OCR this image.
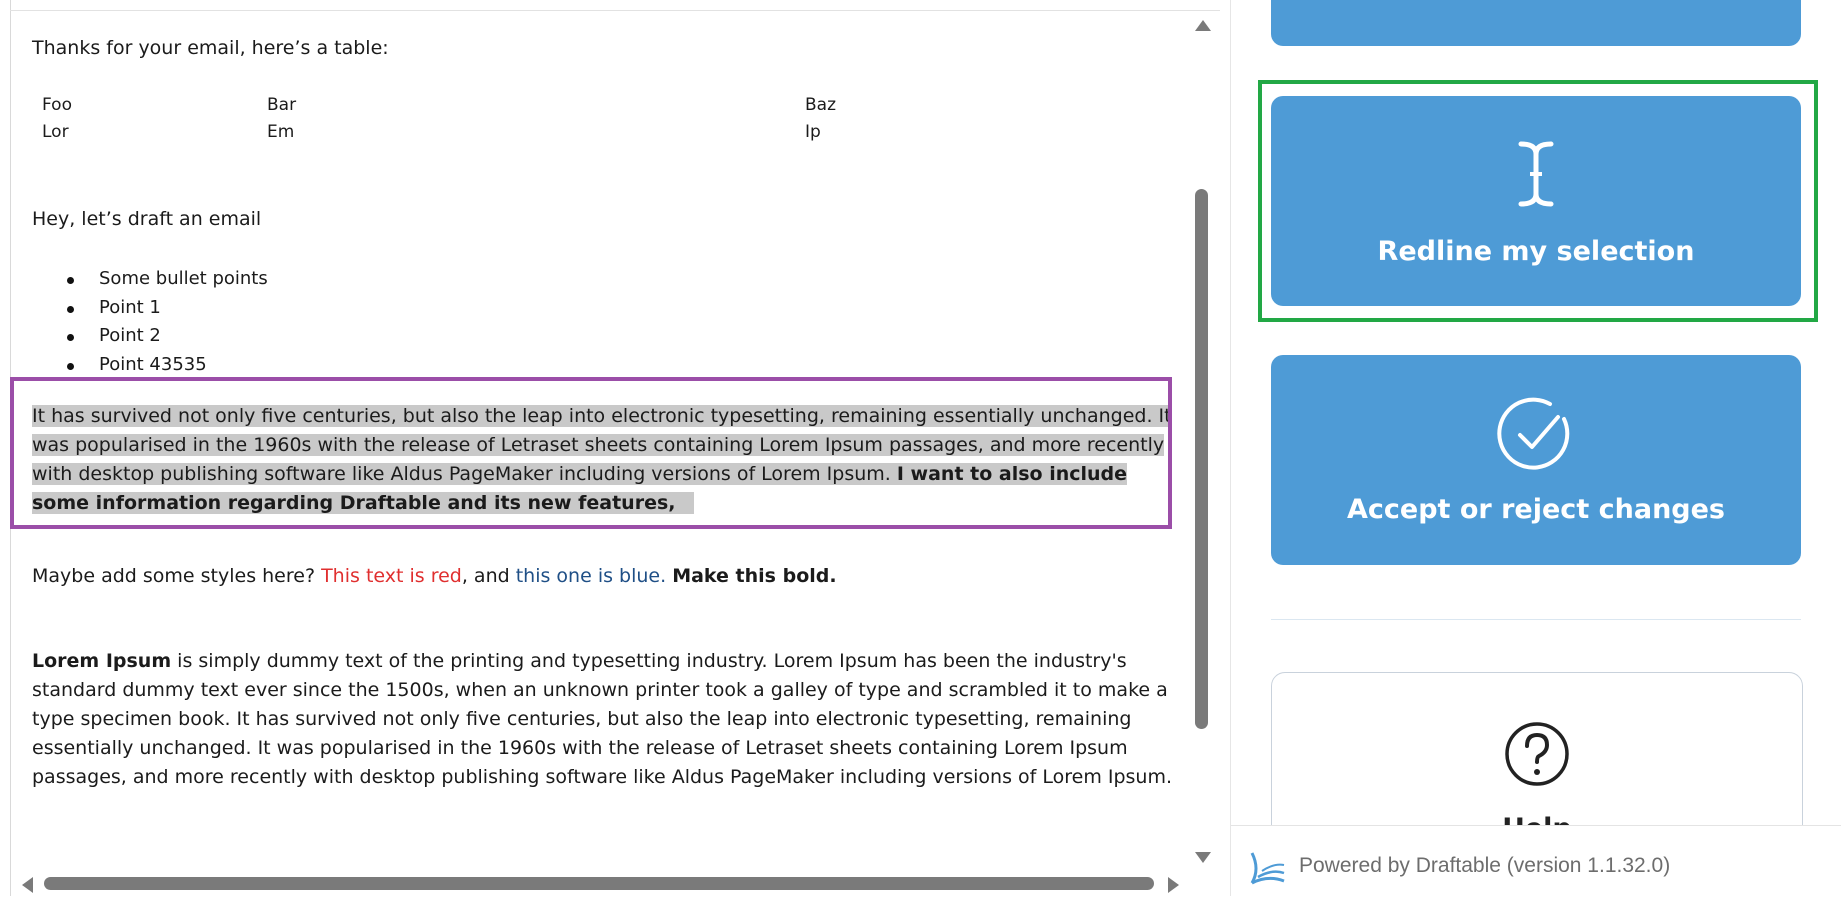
Thanks for your email, here’s a table:
Foo	Bar	Baz
Lor	Em	Ip
Hey, let’s draft an email
Some bullet points
Point 1
Point 2
Point 43535
It has survived not only five centuries, but also the leap into electronic typesetting, remaining essentially unchanged. It was popularised in the 1960s with the release of Letraset sheets containing Lorem Ipsum passages, and more recently with desktop publishing software like Aldus PageMaker including versions of Lorem Ipsum. I want to also include some information regarding Draftable and its new features,
Maybe add some styles here? This text is red, and this one is blue. Make this bold.
Lorem Ipsum is simply dummy text of the printing and typesetting industry. Lorem Ipsum has been the industry's standard dummy text ever since the 1500s, when an unknown printer took a galley of type and scrambled it to make a type specimen book. It has survived not only five centuries, but also the leap into electronic typesetting, remaining essentially unchanged. It was popularised in the 1960s with the release of Letraset sheets containing Lorem Ipsum passages, and more recently with desktop publishing software like Aldus PageMaker including versions of Lorem Ipsum.
Redline my selection
Accept or reject changes
Powered by Draftable (version 1.1.32.0)
